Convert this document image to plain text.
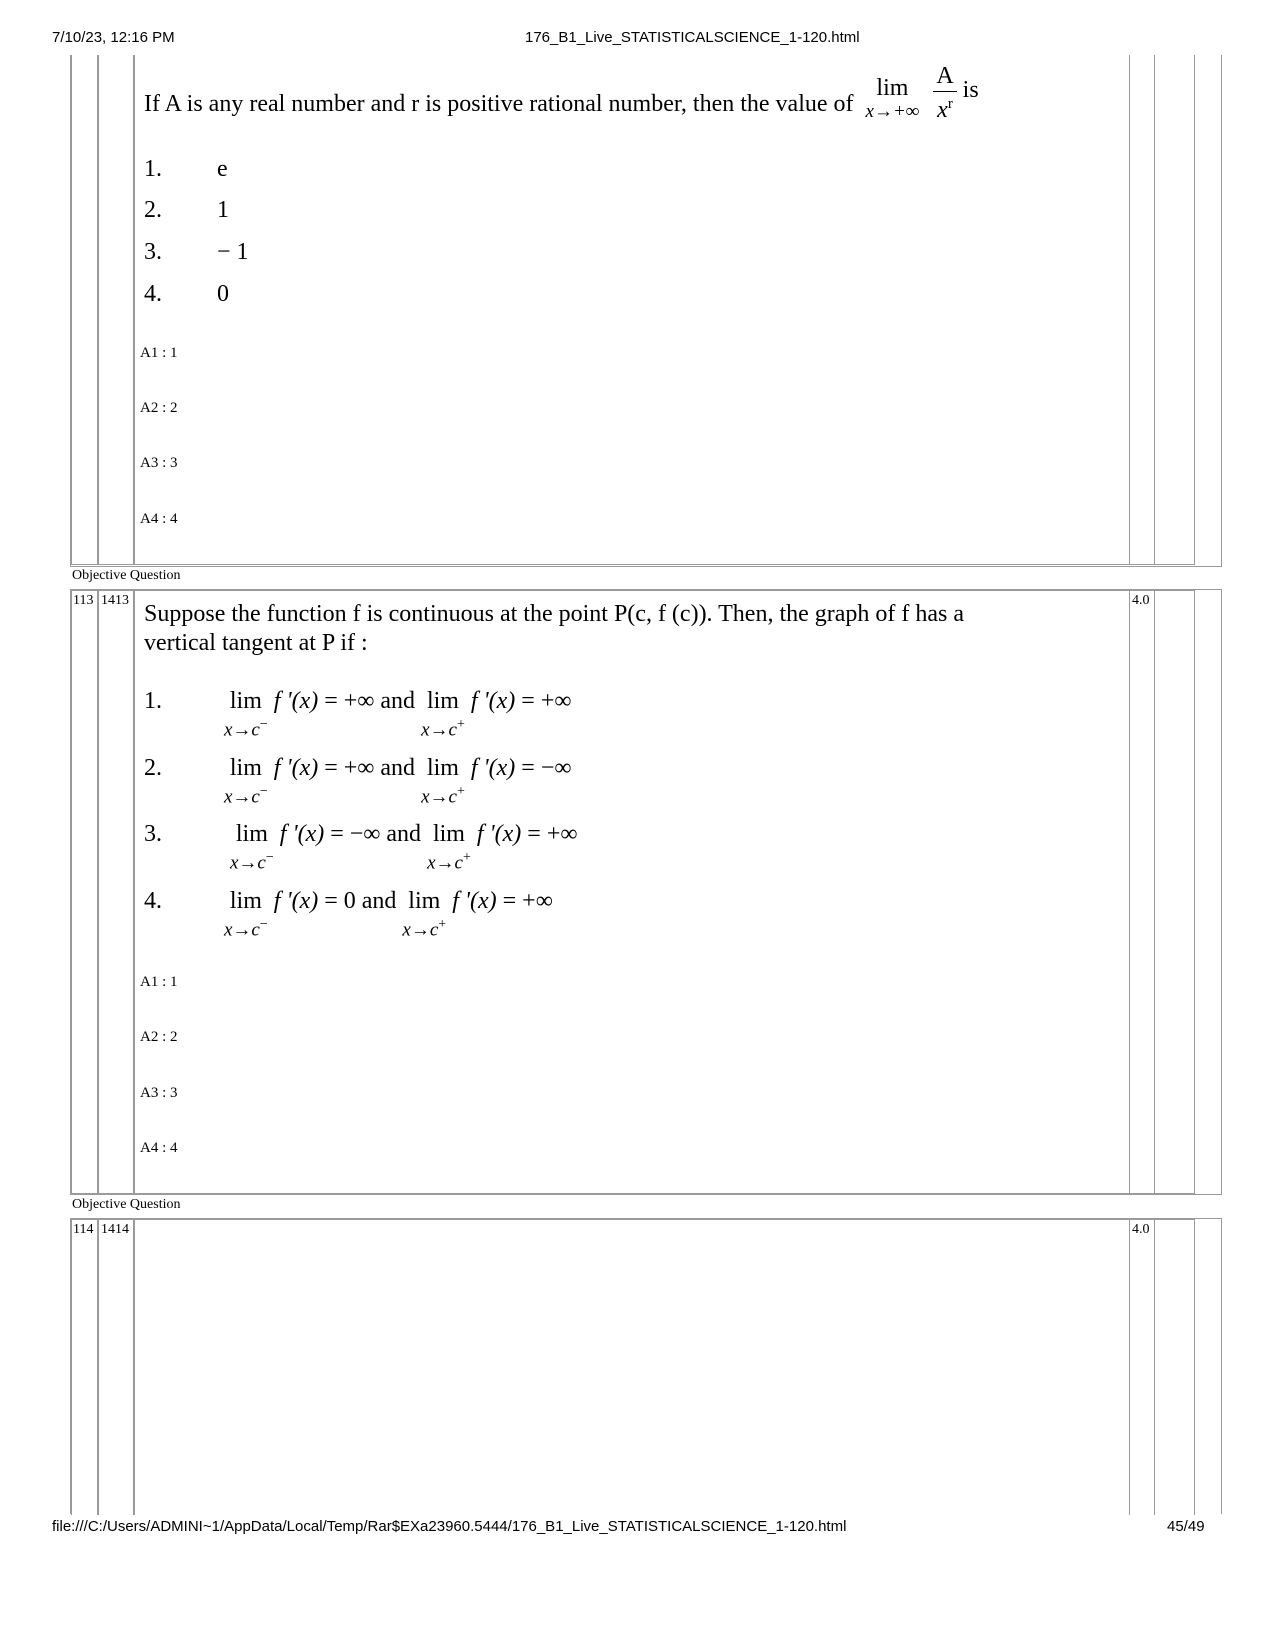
7/10/23, 12:16 PM	176_B1_Live_STATISTICALSCIENCE_1-120.html
If A is any real number and r is positive rational number, then the value of
lim
x→+∞
$\frac{A}{x^r}$ is
1. e
2. 1
3. − 1
4. 0
A1 : 1
A2 : 2
A3 : 3
A4 : 4
Objective Question
113 1413	4.0
Suppose the function f is continuous at the point P(c, f (c)). Then, the graph of f has a
vertical tangent at P if :
1.	lim
x→c−
f '(x) = +∞ and lim
x→c+
f '(x) = +∞
2.	lim
x→c−
f '(x) = +∞ and lim
x→c+
f '(x) = −∞
3.	lim
x→c−
f '(x) = −∞ and lim
x→c+
f '(x) = +∞
4.	lim
x→c−
f '(x) = 0 and lim
x→c+
f '(x) = +∞
A1 : 1
A2 : 2
A3 : 3
A4 : 4
Objective Question
114 1414	4.0
file:///C:/Users/ADMINI~1/AppData/Local/Temp/Rar$EXa23960.5444/176_B1_Live_STATISTICALSCIENCE_1-120.html	45/49
